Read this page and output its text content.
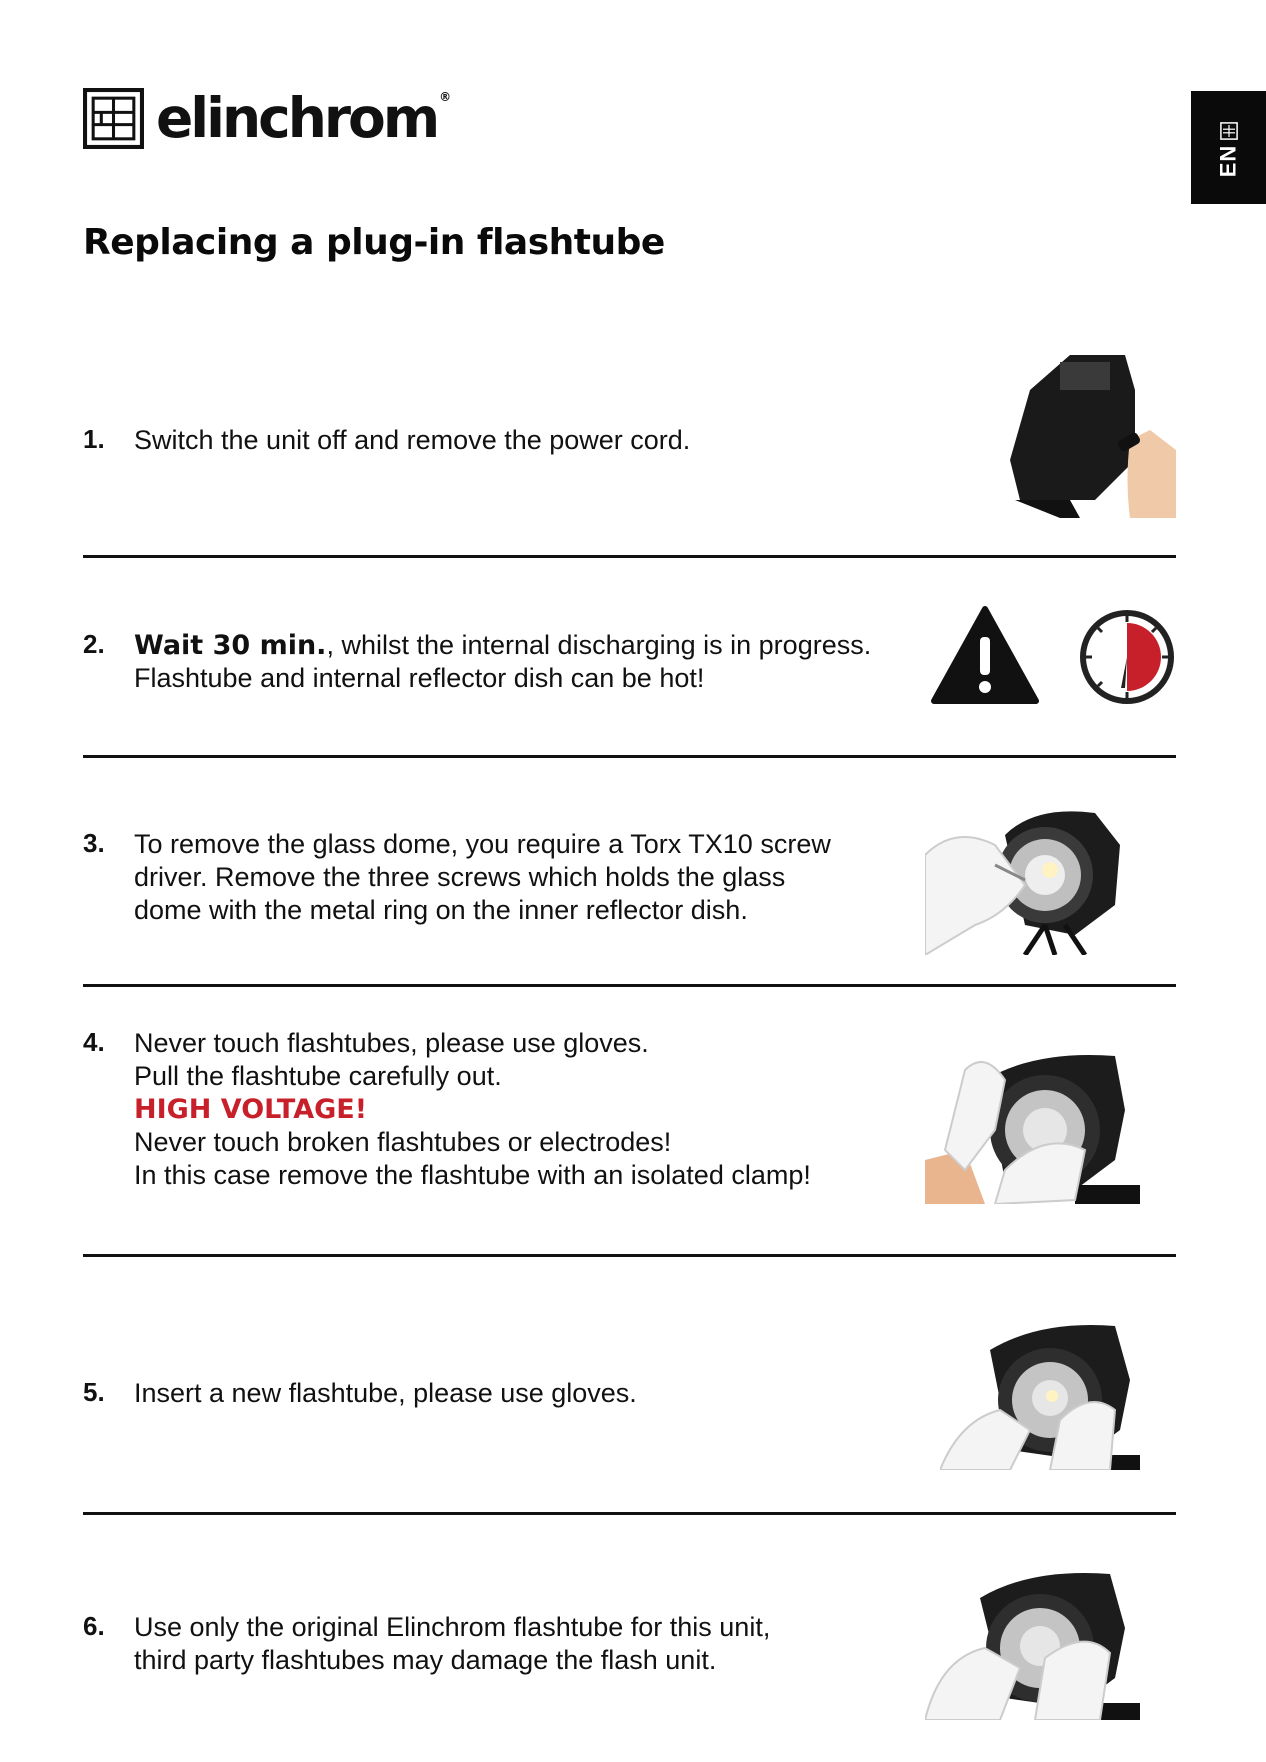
elinchrom ®
EN
Replacing a plug-in flashtube
1.	Switch the unit off and remove the power cord.
2.	Wait 30 min., whilst the internal discharging is in progress.
Flashtube and internal reflector dish can be hot!
3.	To remove the glass dome, you require a Torx TX10 screw
driver. Remove the three screws which holds the glass
dome with the metal ring on the inner reflector dish.
4.	Never touch flashtubes, please use gloves.
Pull the flashtube carefully out.
HIGH VOLTAGE!
Never touch broken flashtubes or electrodes!
In this case remove the flashtube with an isolated clamp!
5.	Insert a new flashtube, please use gloves.
6.	Use only the original Elinchrom flashtube for this unit,
third party flashtubes may damage the flash unit.
